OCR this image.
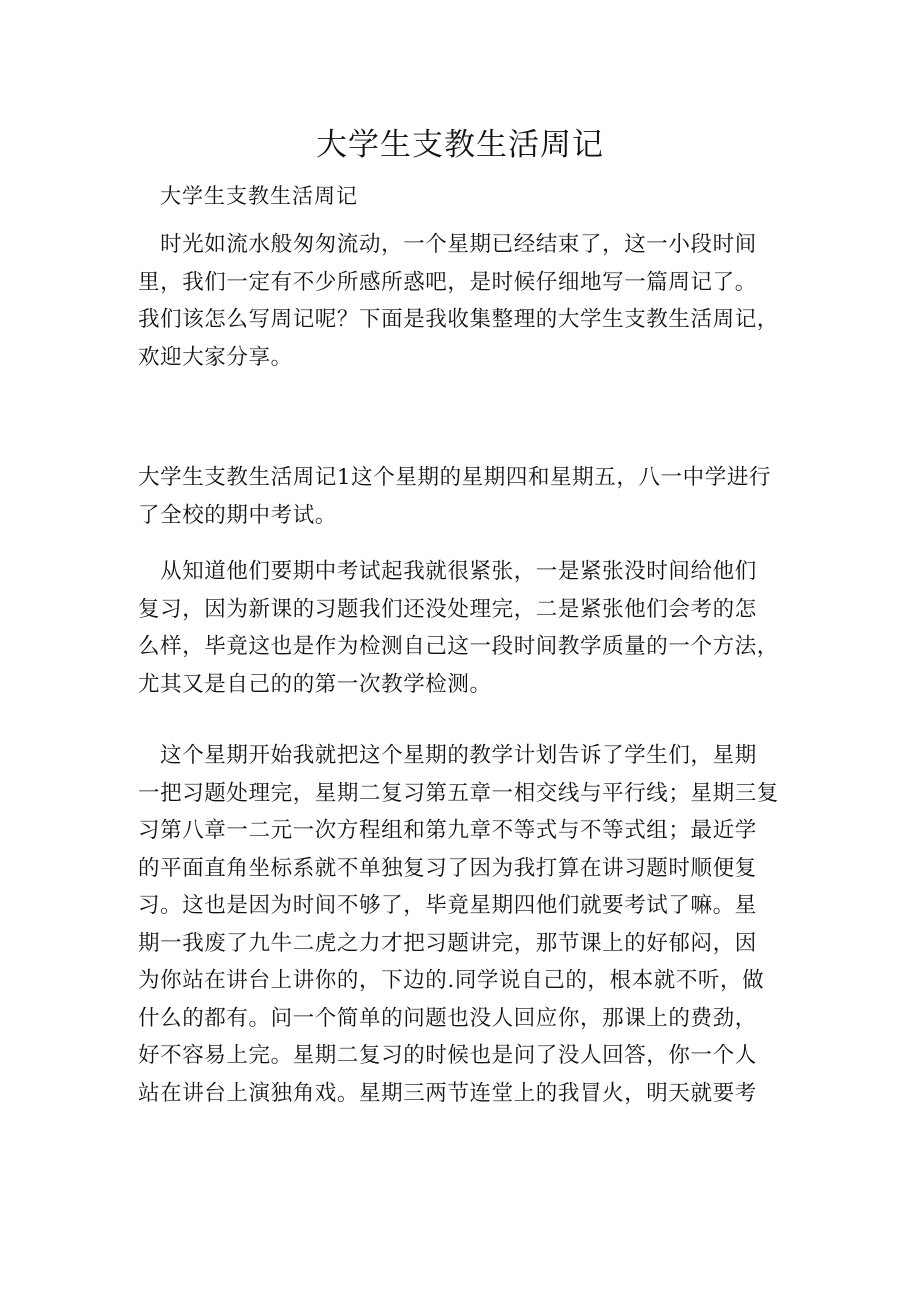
大学生支教生活周记

大学生支教生活周记

　时光如流水般匆匆流动，一个星期已经结束了，这一小段时间
里，我们一定有不少所感所惑吧，是时候仔细地写一篇周记了。
我们该怎么写周记呢？下面是我收集整理的大学生支教生活周记，
欢迎大家分享。

大学生支教生活周记1这个星期的星期四和星期五，八一中学进行
了全校的期中考试。

　从知道他们要期中考试起我就很紧张，一是紧张没时间给他们
复习，因为新课的习题我们还没处理完，二是紧张他们会考的怎
么样，毕竟这也是作为检测自己这一段时间教学质量的一个方法，
尤其又是自己的的第一次教学检测。

　这个星期开始我就把这个星期的教学计划告诉了学生们，星期
一把习题处理完，星期二复习第五章一相交线与平行线；星期三复
习第八章一二元一次方程组和第九章不等式与不等式组；最近学
的平面直角坐标系就不单独复习了因为我打算在讲习题时顺便复
习。这也是因为时间不够了，毕竟星期四他们就要考试了嘛。星
期一我废了九牛二虎之力才把习题讲完，那节课上的好郁闷，因
为你站在讲台上讲你的，下边的.同学说自己的，根本就不听，做
什么的都有。问一个简单的问题也没人回应你，那课上的费劲，
好不容易上完。星期二复习的时候也是问了没人回答，你一个人
站在讲台上演独角戏。星期三两节连堂上的我冒火，明天就要考
